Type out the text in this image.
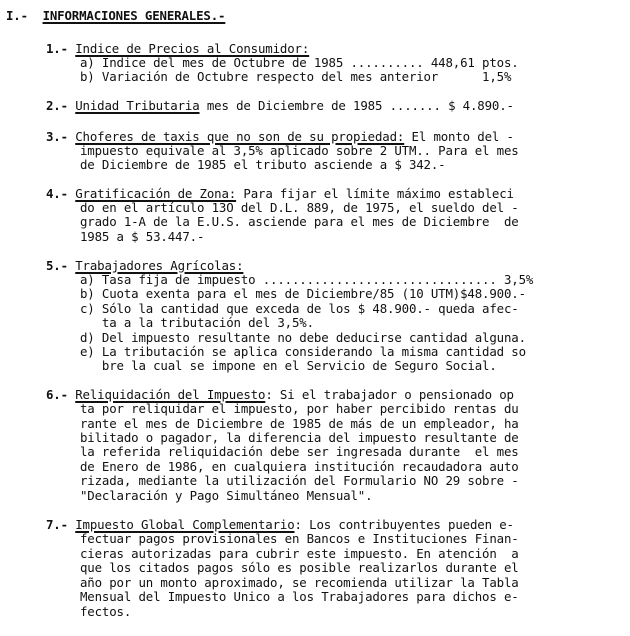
I.- INFORMACIONES GENERALES.-
1.- Indice de Precios al Consumidor:
a) Indice del mes de Octubre de 1985 .......... 448,61 ptos.
b) Variación de Octubre respecto del mes anterior      1,5%
2.- Unidad Tributaria mes de Diciembre de 1985 ....... $ 4.890.-
3.- Choferes de taxis que no son de su propiedad: El monto del -
impuesto equivale al 3,5% aplicado sobre 2 UTM.. Para el mes
de Diciembre de 1985 el tributo asciende a $ 342.-
4.- Gratificación de Zona: Para fijar el límite máximo estableci
do en el artículo 13O del D.L. 889, de 1975, el sueldo del -
grado 1-A de la E.U.S. asciende para el mes de Diciembre  de
1985 a $ 53.447.-
5.- Trabajadores Agrícolas:
a) Tasa fija de impuesto ................................ 3,5%
b) Cuota exenta para el mes de Diciembre/85 (10 UTM)$48.900.-
c) Sólo la cantidad que exceda de los $ 48.900.- queda afec-
ta a la tributación del 3,5%.
d) Del impuesto resultante no debe deducirse cantidad alguna.
e) La tributación se aplica considerando la misma cantidad so
bre la cual se impone en el Servicio de Seguro Social.
6.- Reliquidación del Impuesto: Si el trabajador o pensionado op
ta por reliquidar el impuesto, por haber percibido rentas du
rante el mes de Diciembre de 1985 de más de un empleador, ha
bilitado o pagador, la diferencia del impuesto resultante de
la referida reliquidación debe ser ingresada durante  el mes
de Enero de 1986, en cualquiera institución recaudadora auto
rizada, mediante la utilización del Formulario NO 29 sobre -
"Declaración y Pago Simultáneo Mensual".
7.- Impuesto Global Complementario: Los contribuyentes pueden e-
fectuar pagos provisionales en Bancos e Instituciones Finan-
cieras autorizadas para cubrir este impuesto. En atención  a
que los citados pagos sólo es posible realizarlos durante el
año por un monto aproximado, se recomienda utilizar la Tabla
Mensual del Impuesto Unico a los Trabajadores para dichos e-
fectos.
